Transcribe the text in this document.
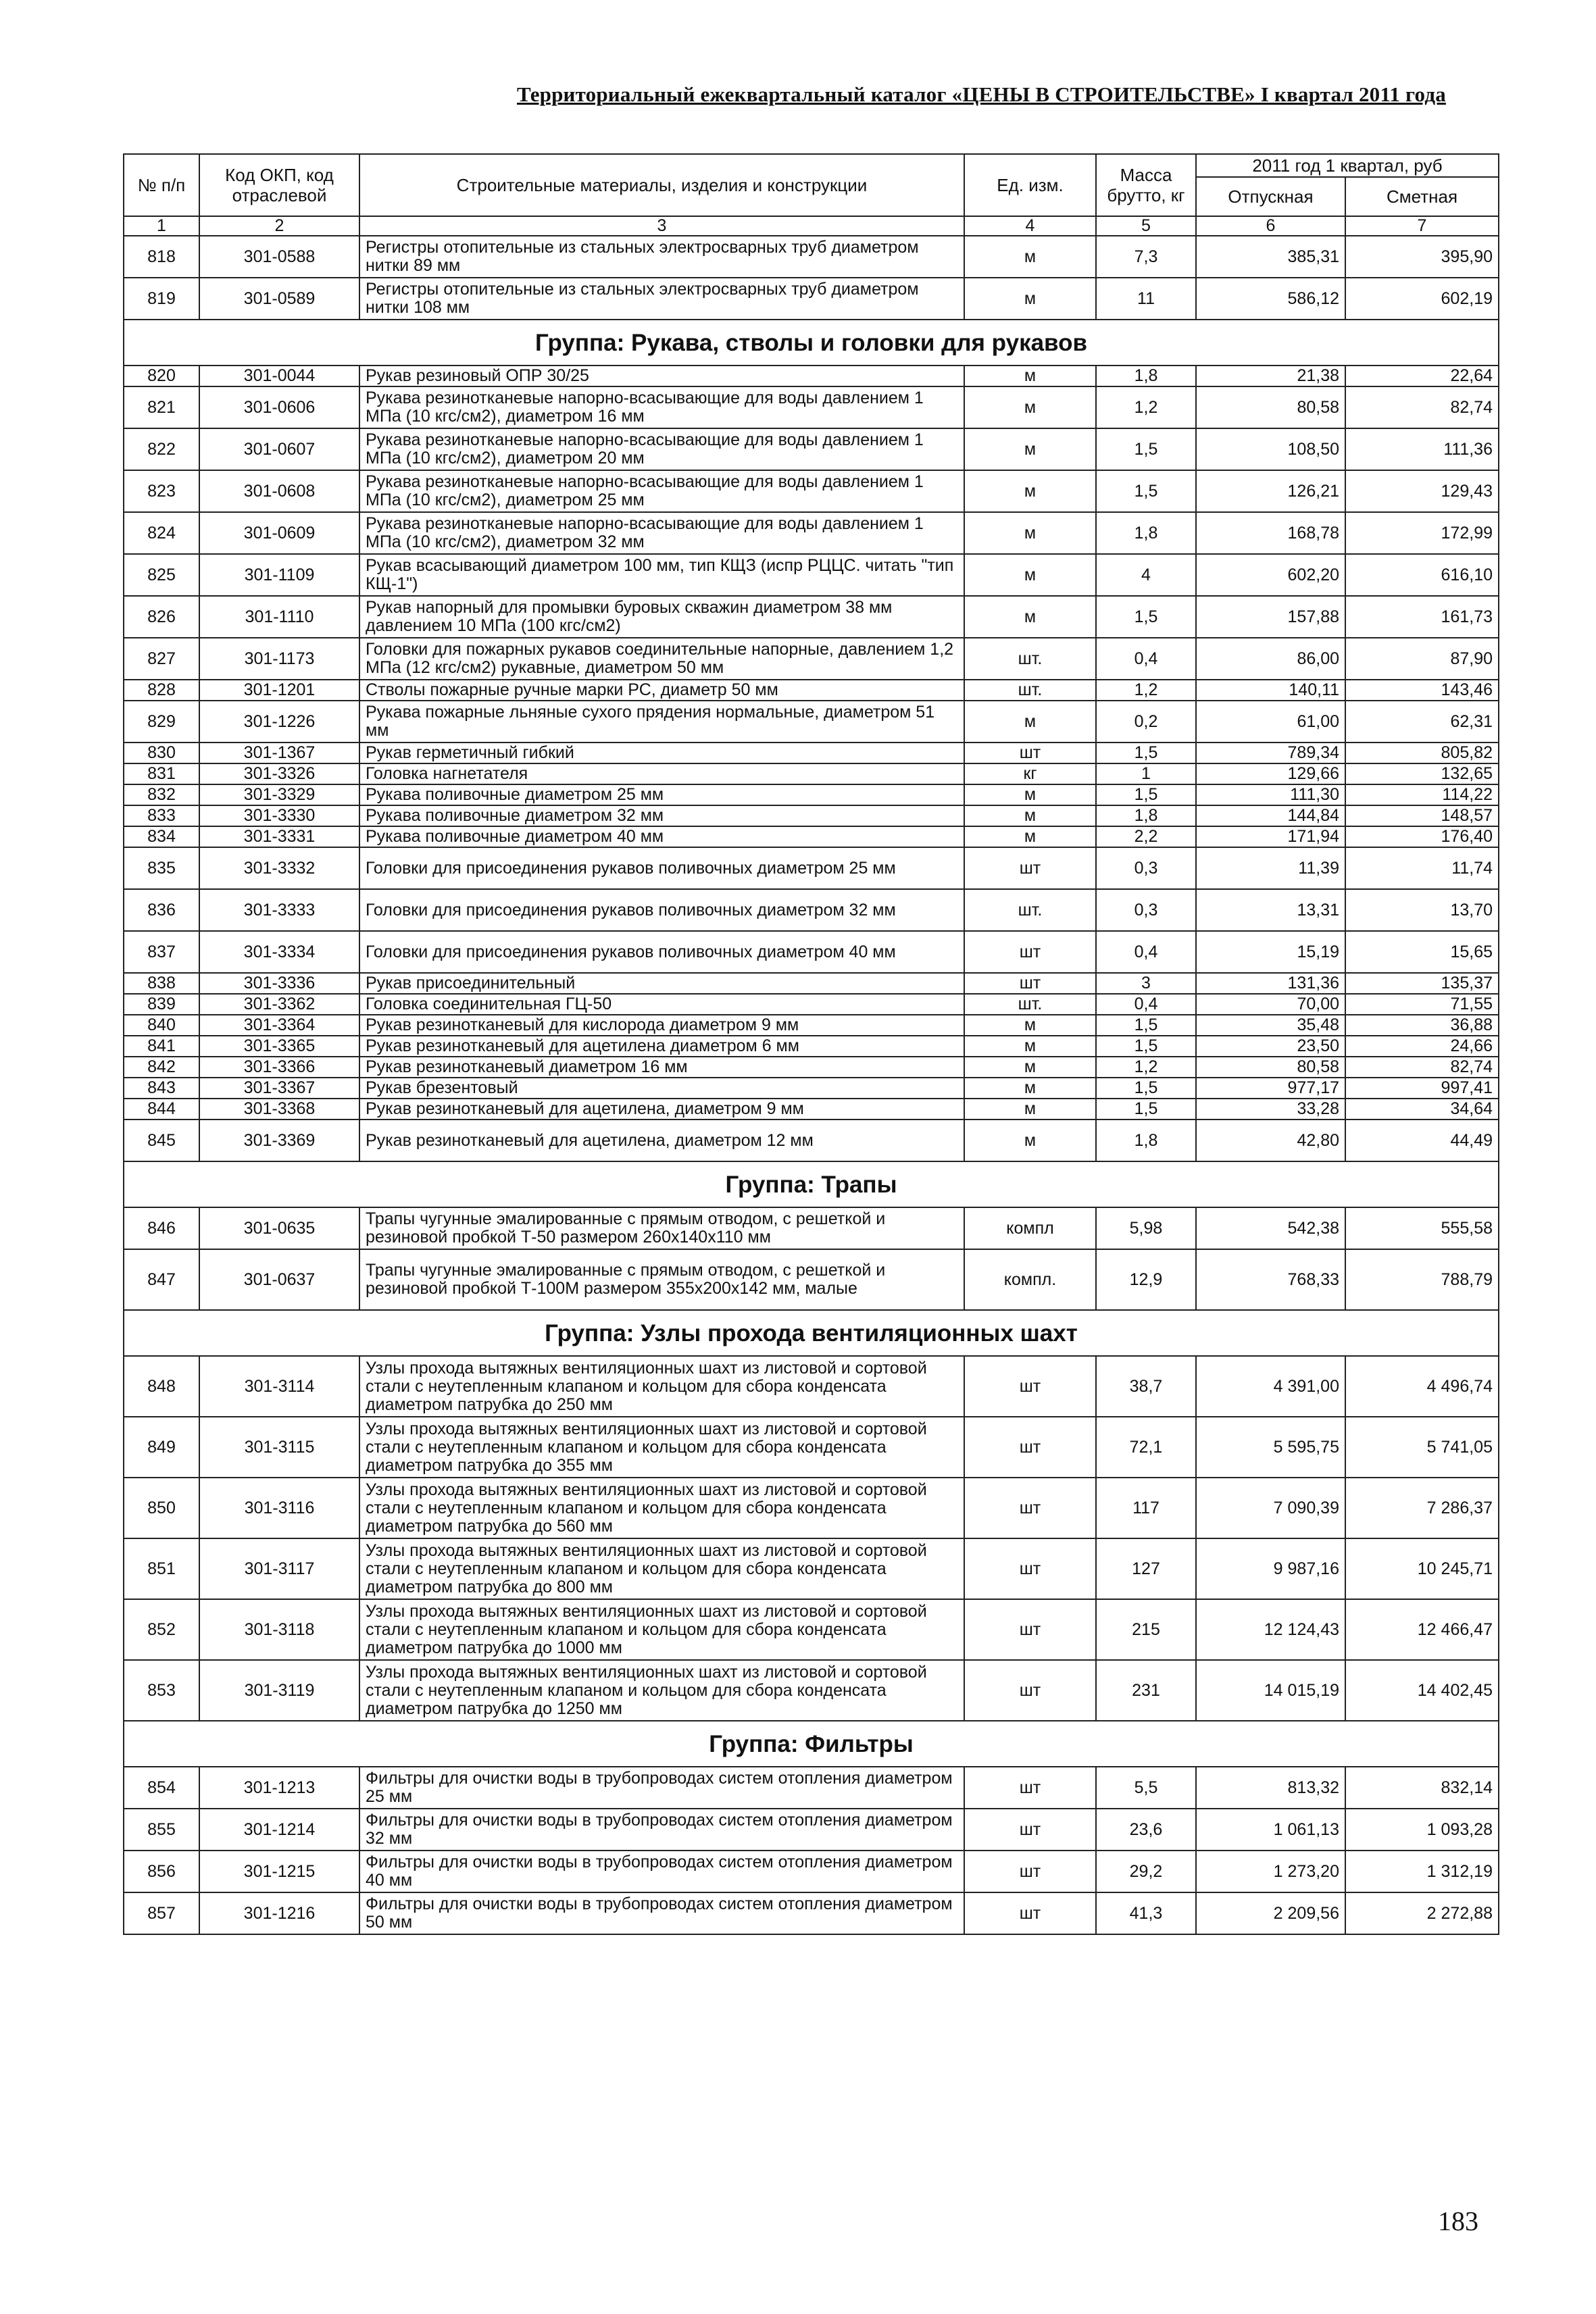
Территориальный ежеквартальный каталог «ЦЕНЫ В СТРОИТЕЛЬСТВЕ» I квартал 2011 года
№ п/п	Код ОКП, код отраслевой	Строительные материалы, изделия и конструкции	Ед. изм.	Масса брутто, кг	2011 год 1 квартал, руб	
					Отпускная	Сметная
1	2	3	4	5	6	7
818	301-0588	Регистры отопительные из стальных электросварных труб диаметром нитки 89 мм	м	7,3	385,31	395,90
819	301-0589	Регистры отопительные из стальных электросварных труб диаметром нитки 108 мм	м	11	586,12	602,19
Группа: Рукава, стволы и головки для рукавов						
820	301-0044	Рукав резиновый ОПР 30/25	м	1,8	21,38	22,64
821	301-0606	Рукава резинотканевые напорно-всасывающие для воды давлением 1 МПа (10 кгс/см2), диаметром 16 мм	м	1,2	80,58	82,74
822	301-0607	Рукава резинотканевые напорно-всасывающие для воды давлением 1 МПа (10 кгс/см2), диаметром 20 мм	м	1,5	108,50	111,36
823	301-0608	Рукава резинотканевые напорно-всасывающие для воды давлением 1 МПа (10 кгс/см2), диаметром 25 мм	м	1,5	126,21	129,43
824	301-0609	Рукава резинотканевые напорно-всасывающие для воды давлением 1 МПа (10 кгс/см2), диаметром 32 мм	м	1,8	168,78	172,99
825	301-1109	Рукав всасывающий диаметром 100 мм, тип КЩЗ (испр РЦЦС. читать "тип КЩ-1")	м	4	602,20	616,10
826	301-1110	Рукав напорный для промывки буровых скважин диаметром 38 мм давлением 10 МПа (100 кгс/см2)	м	1,5	157,88	161,73
827	301-1173	Головки для пожарных рукавов соединительные напорные, давлением 1,2 МПа (12 кгс/см2) рукавные, диаметром 50 мм	шт.	0,4	86,00	87,90
828	301-1201	Стволы пожарные ручные марки РС, диаметр 50 мм	шт.	1,2	140,11	143,46
829	301-1226	Рукава пожарные льняные сухого прядения нормальные, диаметром 51 мм	м	0,2	61,00	62,31
830	301-1367	Рукав герметичный гибкий	шт	1,5	789,34	805,82
831	301-3326	Головка нагнетателя	кг	1	129,66	132,65
832	301-3329	Рукава поливочные диаметром 25 мм	м	1,5	111,30	114,22
833	301-3330	Рукава поливочные диаметром 32 мм	м	1,8	144,84	148,57
834	301-3331	Рукава поливочные диаметром 40 мм	м	2,2	171,94	176,40
835	301-3332	Головки для присоединения рукавов поливочных диаметром 25 мм	шт	0,3	11,39	11,74
836	301-3333	Головки для присоединения рукавов поливочных диаметром 32 мм	шт.	0,3	13,31	13,70
837	301-3334	Головки для присоединения рукавов поливочных диаметром 40 мм	шт	0,4	15,19	15,65
838	301-3336	Рукав присоединительный	шт	3	131,36	135,37
839	301-3362	Головка соединительная ГЦ-50	шт.	0,4	70,00	71,55
840	301-3364	Рукав резинотканевый для кислорода диаметром 9 мм	м	1,5	35,48	36,88
841	301-3365	Рукав резинотканевый для ацетилена диаметром 6 мм	м	1,5	23,50	24,66
842	301-3366	Рукав резинотканевый диаметром 16 мм	м	1,2	80,58	82,74
843	301-3367	Рукав брезентовый	м	1,5	977,17	997,41
844	301-3368	Рукав резинотканевый для ацетилена, диаметром 9 мм	м	1,5	33,28	34,64
845	301-3369	Рукав резинотканевый для ацетилена, диаметром 12 мм	м	1,8	42,80	44,49
Группа: Трапы						
846	301-0635	Трапы чугунные эмалированные с прямым отводом, с решеткой и резиновой пробкой Т-50 размером 260х140х110 мм	компл	5,98	542,38	555,58
847	301-0637	Трапы чугунные эмалированные с прямым отводом, с решеткой и резиновой пробкой Т-100М размером 355х200х142 мм, малые	компл.	12,9	768,33	788,79
Группа: Узлы прохода вентиляционных шахт						
848	301-3114	Узлы прохода вытяжных вентиляционных шахт из листовой и сортовой стали с неутепленным клапаном и кольцом для сбора конденсата диаметром патрубка до 250 мм	шт	38,7	4 391,00	4 496,74
849	301-3115	Узлы прохода вытяжных вентиляционных шахт из листовой и сортовой стали с неутепленным клапаном и кольцом для сбора конденсата диаметром патрубка до 355 мм	шт	72,1	5 595,75	5 741,05
850	301-3116	Узлы прохода вытяжных вентиляционных шахт из листовой и сортовой стали с неутепленным клапаном и кольцом для сбора конденсата диаметром патрубка до 560 мм	шт	117	7 090,39	7 286,37
851	301-3117	Узлы прохода вытяжных вентиляционных шахт из листовой и сортовой стали с неутепленным клапаном и кольцом для сбора конденсата диаметром патрубка до 800 мм	шт	127	9 987,16	10 245,71
852	301-3118	Узлы прохода вытяжных вентиляционных шахт из листовой и сортовой стали с неутепленным клапаном и кольцом для сбора конденсата диаметром патрубка до 1000 мм	шт	215	12 124,43	12 466,47
853	301-3119	Узлы прохода вытяжных вентиляционных шахт из листовой и сортовой стали с неутепленным клапаном и кольцом для сбора конденсата диаметром патрубка до 1250 мм	шт	231	14 015,19	14 402,45
Группа: Фильтры						
854	301-1213	Фильтры для очистки воды в трубопроводах систем отопления диаметром 25 мм	шт	5,5	813,32	832,14
855	301-1214	Фильтры для очистки воды в трубопроводах систем отопления диаметром 32 мм	шт	23,6	1 061,13	1 093,28
856	301-1215	Фильтры для очистки воды в трубопроводах систем отопления диаметром 40 мм	шт	29,2	1 273,20	1 312,19
857	301-1216	Фильтры для очистки воды в трубопроводах систем отопления диаметром 50 мм	шт	41,3	2 209,56	2 272,88
183
